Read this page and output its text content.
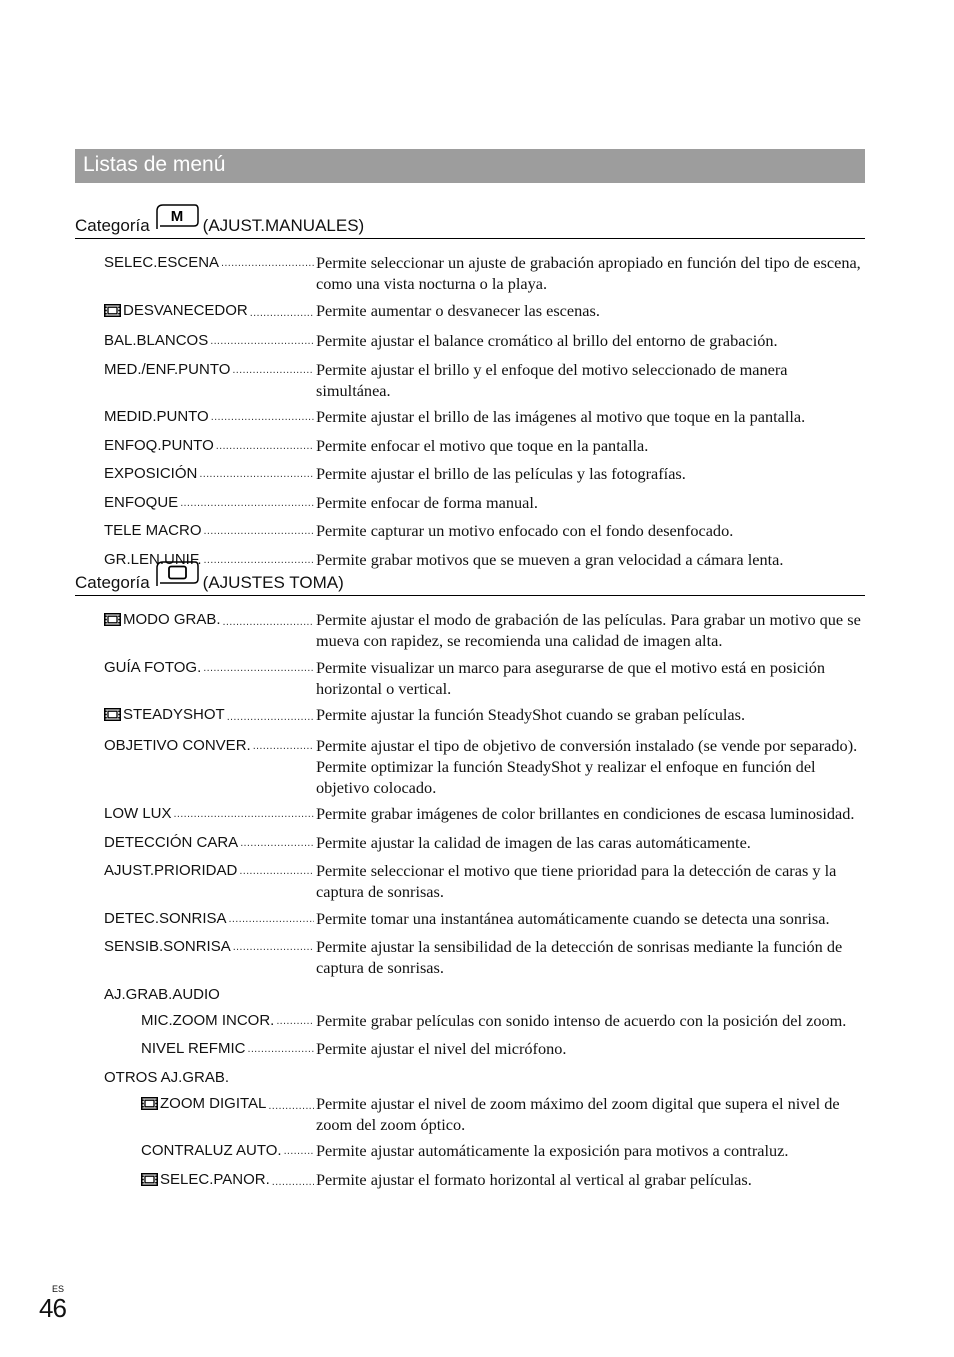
Listas de menú
Categoría M (AJUST.MANUALES)
SELEC.ESCENA .....	Permite seleccionar un ajuste de grabación apropiado en función del tipo de escena, como una vista nocturna o la playa.
DESVANECEDOR .....	Permite aumentar o desvanecer las escenas.
BAL.BLANCOS .....	Permite ajustar el balance cromático al brillo del entorno de grabación.
MED./ENF.PUNTO .....	Permite ajustar el brillo y el enfoque del motivo seleccionado de manera simultánea.
MEDID.PUNTO .....	Permite ajustar el brillo de las imágenes al motivo que toque en la pantalla.
ENFOQ.PUNTO .....	Permite enfocar el motivo que toque en la pantalla.
EXPOSICIÓN .....	Permite ajustar el brillo de las películas y las fotografías.
ENFOQUE .....	Permite enfocar de forma manual.
TELE MACRO .....	Permite capturar un motivo enfocado con el fondo desenfocado.
GR.LEN.UNIF. .....	Permite grabar motivos que se mueven a gran velocidad a cámara lenta.
Categoría	(AJUSTES TOMA)
MODO GRAB. .....	Permite ajustar el modo de grabación de las películas. Para grabar un motivo que se mueva con rapidez, se recomienda una calidad de imagen alta.
GUÍA FOTOG. .....	Permite visualizar un marco para asegurarse de que el motivo está en posición horizontal o vertical.
STEADYSHOT .....	Permite ajustar la función SteadyShot cuando se graban películas.
OBJETIVO CONVER. .....	Permite ajustar el tipo de objetivo de conversión instalado (se vende por separado). Permite optimizar la función SteadyShot y realizar el enfoque en función del objetivo colocado.
LOW LUX .....	Permite grabar imágenes de color brillantes en condiciones de escasa luminosidad.
DETECCIÓN CARA .....	Permite ajustar la calidad de imagen de las caras automáticamente.
AJUST.PRIORIDAD .....	Permite seleccionar el motivo que tiene prioridad para la detección de caras y la captura de sonrisas.
DETEC.SONRISA .....	Permite tomar una instantánea automáticamente cuando se detecta una sonrisa.
SENSIB.SONRISA .....	Permite ajustar la sensibilidad de la detección de sonrisas mediante la función de captura de sonrisas.
AJ.GRAB.AUDIO
MIC.ZOOM INCOR. .....	Permite grabar películas con sonido intenso de acuerdo con la posición del zoom.
NIVEL REFMIC .....	Permite ajustar el nivel del micrófono.
OTROS AJ.GRAB.
ZOOM DIGITAL .....	Permite ajustar el nivel de zoom máximo del zoom digital que supera el nivel de zoom del zoom óptico.
CONTRALUZ AUTO. ..... Permite ajustar automáticamente la exposición para motivos a contraluz.
SELEC.PANOR. .....	Permite ajustar el formato horizontal al vertical al grabar películas.
ES
46
